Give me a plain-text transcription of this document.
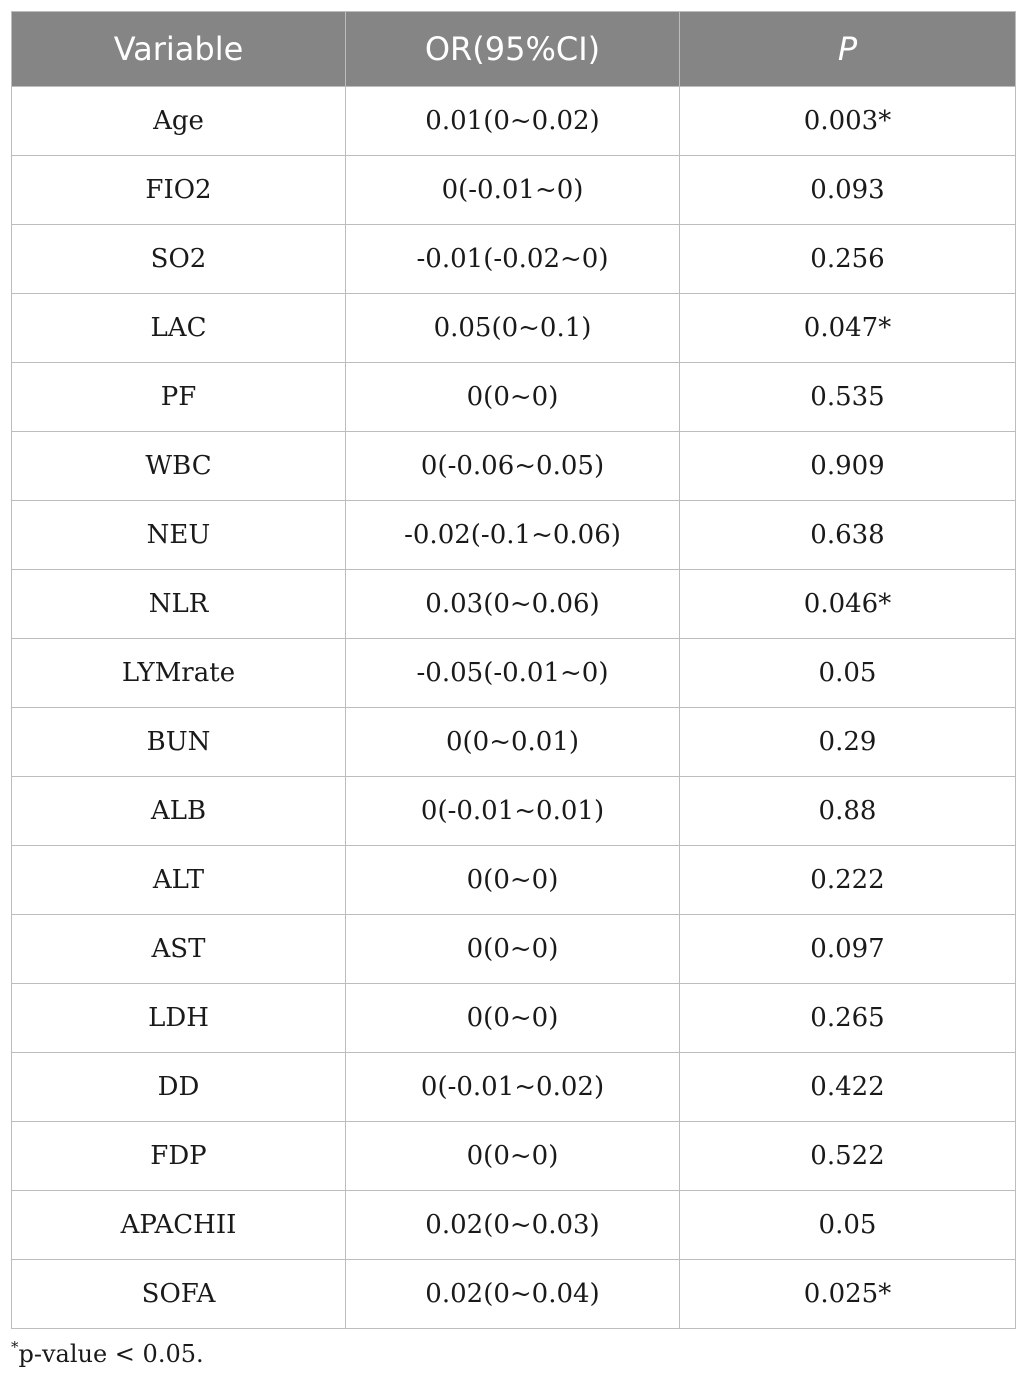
Variable	OR(95%CI)	P
Age	0.01(0~0.02)	0.003*
FIO2	0(-0.01~0)	0.093
SO2	-0.01(-0.02~0)	0.256
LAC	0.05(0~0.1)	0.047*
PF	0(0~0)	0.535
WBC	0(-0.06~0.05)	0.909
NEU	-0.02(-0.1~0.06)	0.638
NLR	0.03(0~0.06)	0.046*
LYMrate	-0.05(-0.01~0)	0.05
BUN	0(0~0.01)	0.29
ALB	0(-0.01~0.01)	0.88
ALT	0(0~0)	0.222
AST	0(0~0)	0.097
LDH	0(0~0)	0.265
DD	0(-0.01~0.02)	0.422
FDP	0(0~0)	0.522
APACHII	0.02(0~0.03)	0.05
SOFA	0.02(0~0.04)	0.025*
*p-value < 0.05.
